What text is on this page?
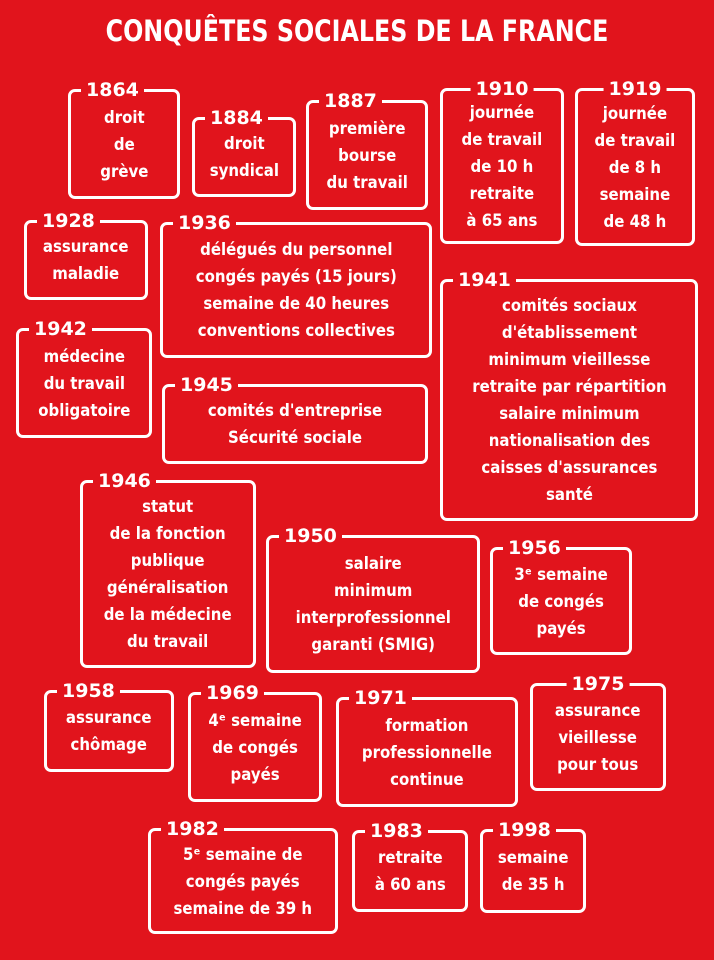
CONQUÊTES SOCIALES DE LA FRANCE
1864
droit
de
grève
1884
droit
syndical
1887
première
bourse
du travail
1910
journée
de travail
de 10 h
retraite
à 65 ans
1919
journée
de travail
de 8 h
semaine
de 48 h
1928
assurance
maladie
1936
délégués du personnel
congés payés (15 jours)
semaine de 40 heures
conventions collectives
1941
comités sociaux
d'établissement
minimum vieillesse
retraite par répartition
salaire minimum
nationalisation des
caisses d'assurances
santé
1942
médecine
du travail
obligatoire
1945
comités d'entreprise
Sécurité sociale
1946
statut
de la fonction
publique
généralisation
de la médecine
du travail
1950
salaire
minimum
interprofessionnel
garanti (SMIG)
1956
3ᵉ semaine
de congés
payés
1958
assurance
chômage
1969
4ᵉ semaine
de congés
payés
1971
formation
professionnelle
continue
1975
assurance
vieillesse
pour tous
1982
5ᵉ semaine de
congés payés
semaine de 39 h
1983
retraite
à 60 ans
1998
semaine
de 35 h
